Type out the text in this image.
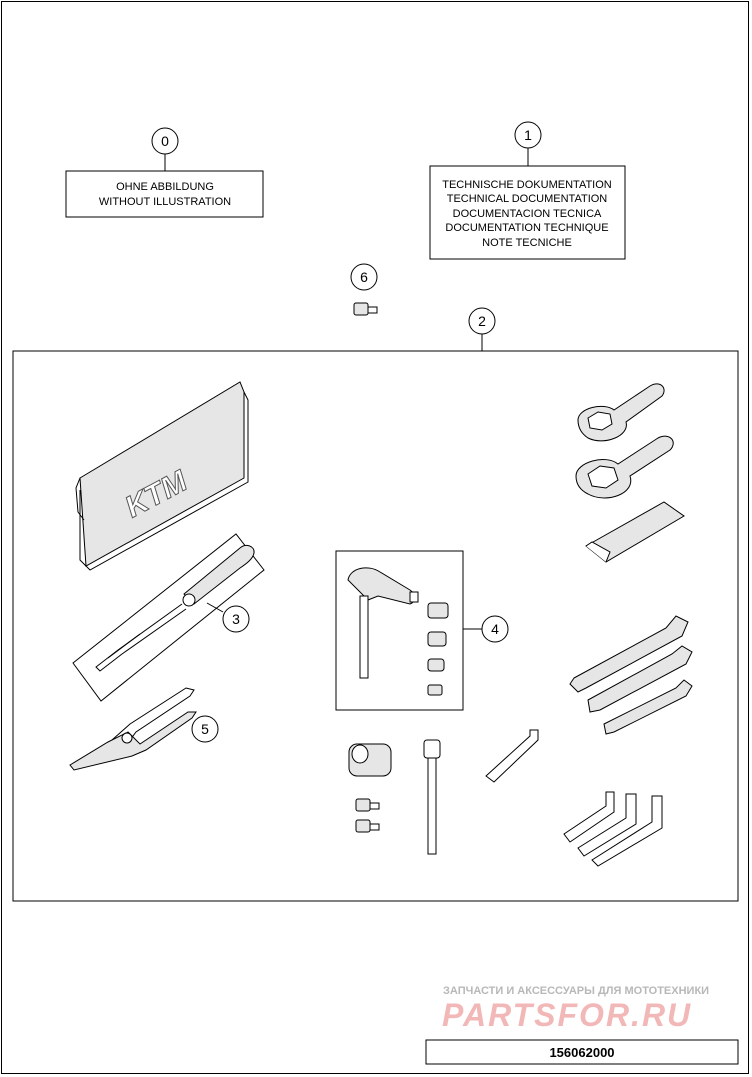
0
OHNE ABBILDUNG
WITHOUT ILLUSTRATION
1
TECHNISCHE DOKUMENTATION
TECHNICAL DOCUMENTATION
DOCUMENTACION TECNICA
DOCUMENTATION TECHNIQUE
NOTE TECNICHE
6
2
KTM
3
5
4
ЗАПЧАСТИ И АКСЕССУАРЫ ДЛЯ МОТОТЕХНИКИ
PARTSFOR.RU
156062000
